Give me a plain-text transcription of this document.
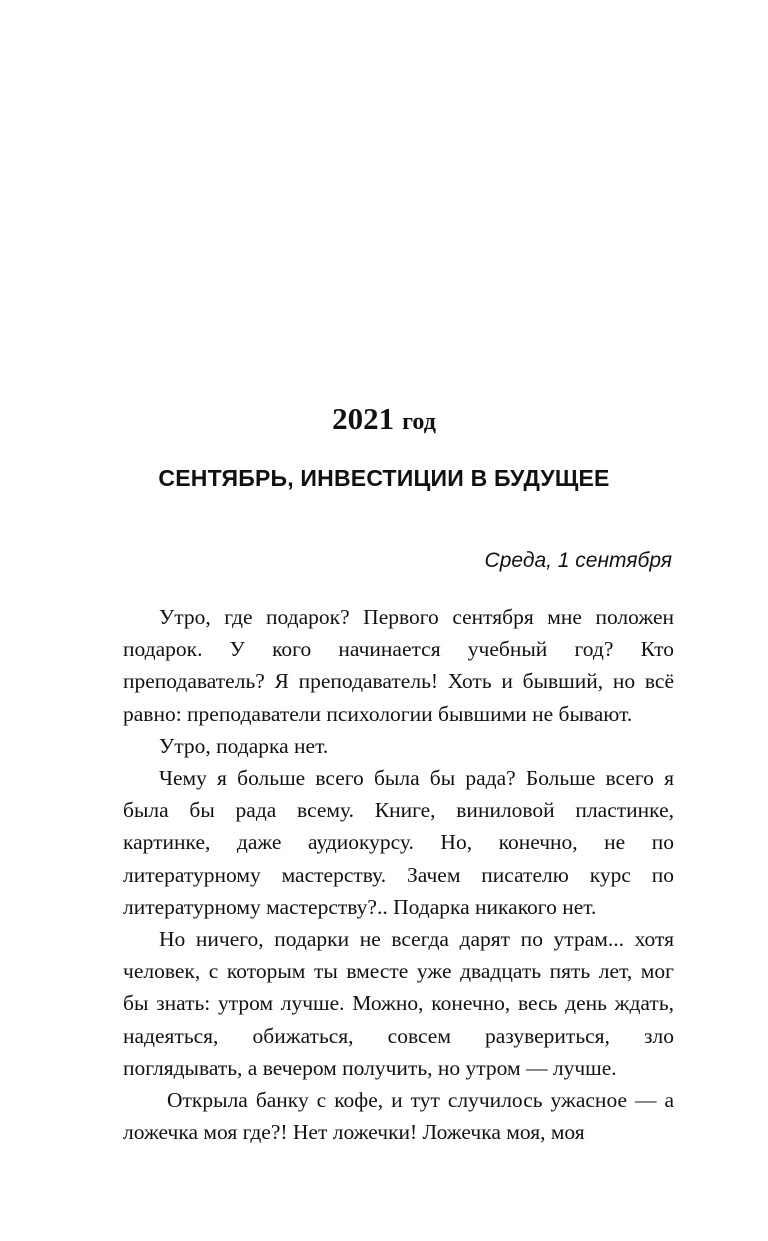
2021 год
СЕНТЯБРЬ, ИНВЕСТИЦИИ В БУДУЩЕЕ
Среда, 1 сентября

Утро, где подарок? Первого сентября мне положен подарок. У кого начинается учебный год? Кто преподаватель? Я преподаватель! Хоть и бывший, но всё равно: преподаватели психологии бывшими не бывают.

Утро, подарка нет.

Чему я больше всего была бы рада? Больше всего я была бы рада всему. Книге, виниловой пластинке, картинке, даже аудиокурсу. Но, конечно, не по литературному мастерству. Зачем писателю курс по литературному мастерству?.. Подарка никакого нет.

Но ничего, подарки не всегда дарят по утрам... хотя человек, с которым ты вместе уже двадцать пять лет, мог бы знать: утром лучше. Можно, конечно, весь день ждать, надеяться, обижаться, совсем разувериться, зло поглядывать, а вечером получить, но утром — лучше.

Открыла банку с кофе, и тут случилось ужасное — а ложечка моя где?! Нет ложечки! Ложечка моя, моя
